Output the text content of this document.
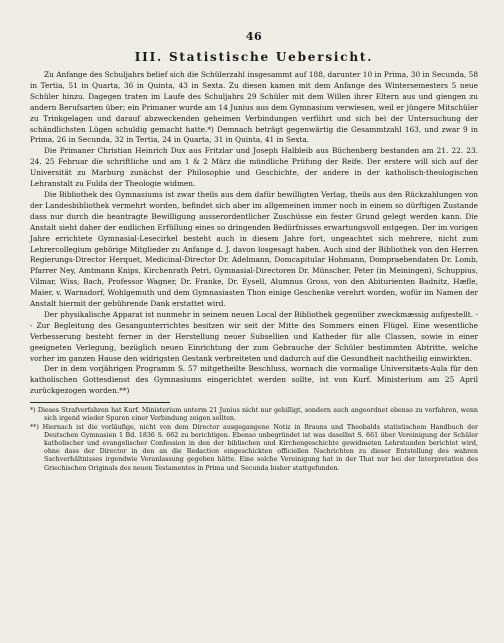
46
III. Statistische Uebersicht.

Zu Anfange des Schuljahrs belief sich die Schülerzahl insgesammt auf 188, darunter 10 in Prima, 30 in Secunda, 58 in Tertia, 51 in Quarta, 36 in Quinta, 43 in Sexta. Zu diesen kamen mit dem Anfange des Wintersemesters 5 neue Schüler hinzu. Dagegen traten im Laufe des Schuljahrs 29 Schüler mit dem Willen ihrer Eltern aus und giengen zu andern Berufsarten über; ein Primaner wurde am 14 Junius aus dem Gymnasium verwiesen, weil er jüngere Mitschüler zu Trinkgelagen und darauf abzweckenden geheimen Verbindungen verführt und sich bei der Untersuchung der schändlichsten Lügen schuldig gemacht hatte.*) Demnach beträgt gegenwärtig die Gesammtzahl 163, und zwar 9 in Prima, 26 in Secunda, 32 in Tertia, 24 in Quarta, 31 in Quinta, 41 in Sexta.

Die Primaner Christian Heinrich Dux aus Fritzlar und Joseph Halbleib aus Büchenberg bestanden am 21. 22. 23. 24. 25 Februar die schriftliche und am 1 & 2 März die mündliche Prüfung der Reife. Der erstere will sich auf der Universität zu Marburg zunächst der Philosophie und Geschichte, der andere in der katholisch-theologischen Lehranstalt zu Fulda der Theologie widmen.

Die Bibliothek des Gymnasiums ist zwar theils aus dem dafür bewilligten Verlag, theils aus den Rückzahlungen von der Landesbibliothek vermehrt worden, befindet sich aber im allgemeinen immer noch in einem so dürftigen Zustande dass nur durch die beantragte Bewilligung ausserordentlicher Zuschüsse ein fester Grund gelegt werden kann. Die Anstalt sieht daher der endlichen Erfüllung eines so dringenden Bedürfnisses erwartungsvoll entgegen. Der im vorigen Jahre errichtete Gymnasial-Lesecirkel besteht auch in diesem Jahre fort, ungeachtet sich mehrere, nicht zum Lehrercollegium gehörige Mitglieder zu Anfange d. J. davon losgesagt haben. Auch sind der Bibliothek von den Herren Regierungs-Director Herquet, Medicinal-Director Dr. Adelmann, Domcapitular Hohmann, Dompraebendaten Dr. Lomb, Pfarrer Ney, Amtmann Knips, Kirchenrath Petri, Gymnasial-Directoren Dr. Münscher, Peter (in Meiningen), Schuppius, Vilmar, Wiss, Bach, Professor Wagner, Dr. Franke, Dr. Eysell, Alumnus Gross, von den Abiturienten Badnitz, Hæfle, Maier, v. Warnsdorf, Wohlgemuth und dem Gymnasiasten Thon einige Geschenke verehrt worden, wofür im Namen der Anstalt hiermit der gebührende Dank erstattet wird.

Der physikalische Apparat ist nunmehr in seinem neuen Local der Bibliothek gegenüber zweckmæssig aufgestellt. - - Zur Begleitung des Gesangunterrichtes besitzen wir seit der Mitte des Sommers einen Flügel. Eine wesentliche Verbesserung besteht ferner in der Herstellung neuer Subsellien und Katheder für alle Classen, sowie in einer geeigneten Verlegung, bezüglich neuen Einrichtung der zum Gebrauche der Schüler bestimmten Abtritte, welche vorher im ganzen Hause den widrigsten Gestank verbreiteten und dadurch auf die Gesundheit nachtheilig einwirkten.

Der in dem vorjährigen Programm S. 57 mitgetheilte Beschluss, wornach die vormalige Universitæts-Aula für den katholischen Gottesdienst des Gymnasiums eingerichtet werden sollte, ist von Kurf. Ministerium am 25 April zurückgezogen worden.**)

*) Dieses Strafverfahren hat Kurf. Ministerium unterm 21 Junius nicht nur gebilligt, sondern auch angeordnet ebenso zu verfahren, wenn sich irgend wieder Spuren einer Verbindung zeigen sollten.

**) Hiernach ist die vorläufige, nicht von dem Director ausgegangene Notiz in Brauns und Theobalds statistischem Handbuch der Deutschen Gymnasien 1 Bd. 1836 S. 662 zu berichtigen. Ebenso unbegründet ist was daselbst S. 661 über Vereinigung der Schüler katholischer und evangelischer Confession in den der biblischen und Kirchengeschichte gewidmeten Lehrstunden berichtet wird, ohne dass der Director in den an die Redaction eingeschickten officiellen Nachrichten zu dieser Entstellung des wahren Sachverhältnisses irgendwie Veranlassung gegeben hätte. Eine solche Vereinigung hat in der That nur bei der Interpretation des Griechischen Originals des neuen Testamentes in Prima und Secunda bisher stattgefunden.
